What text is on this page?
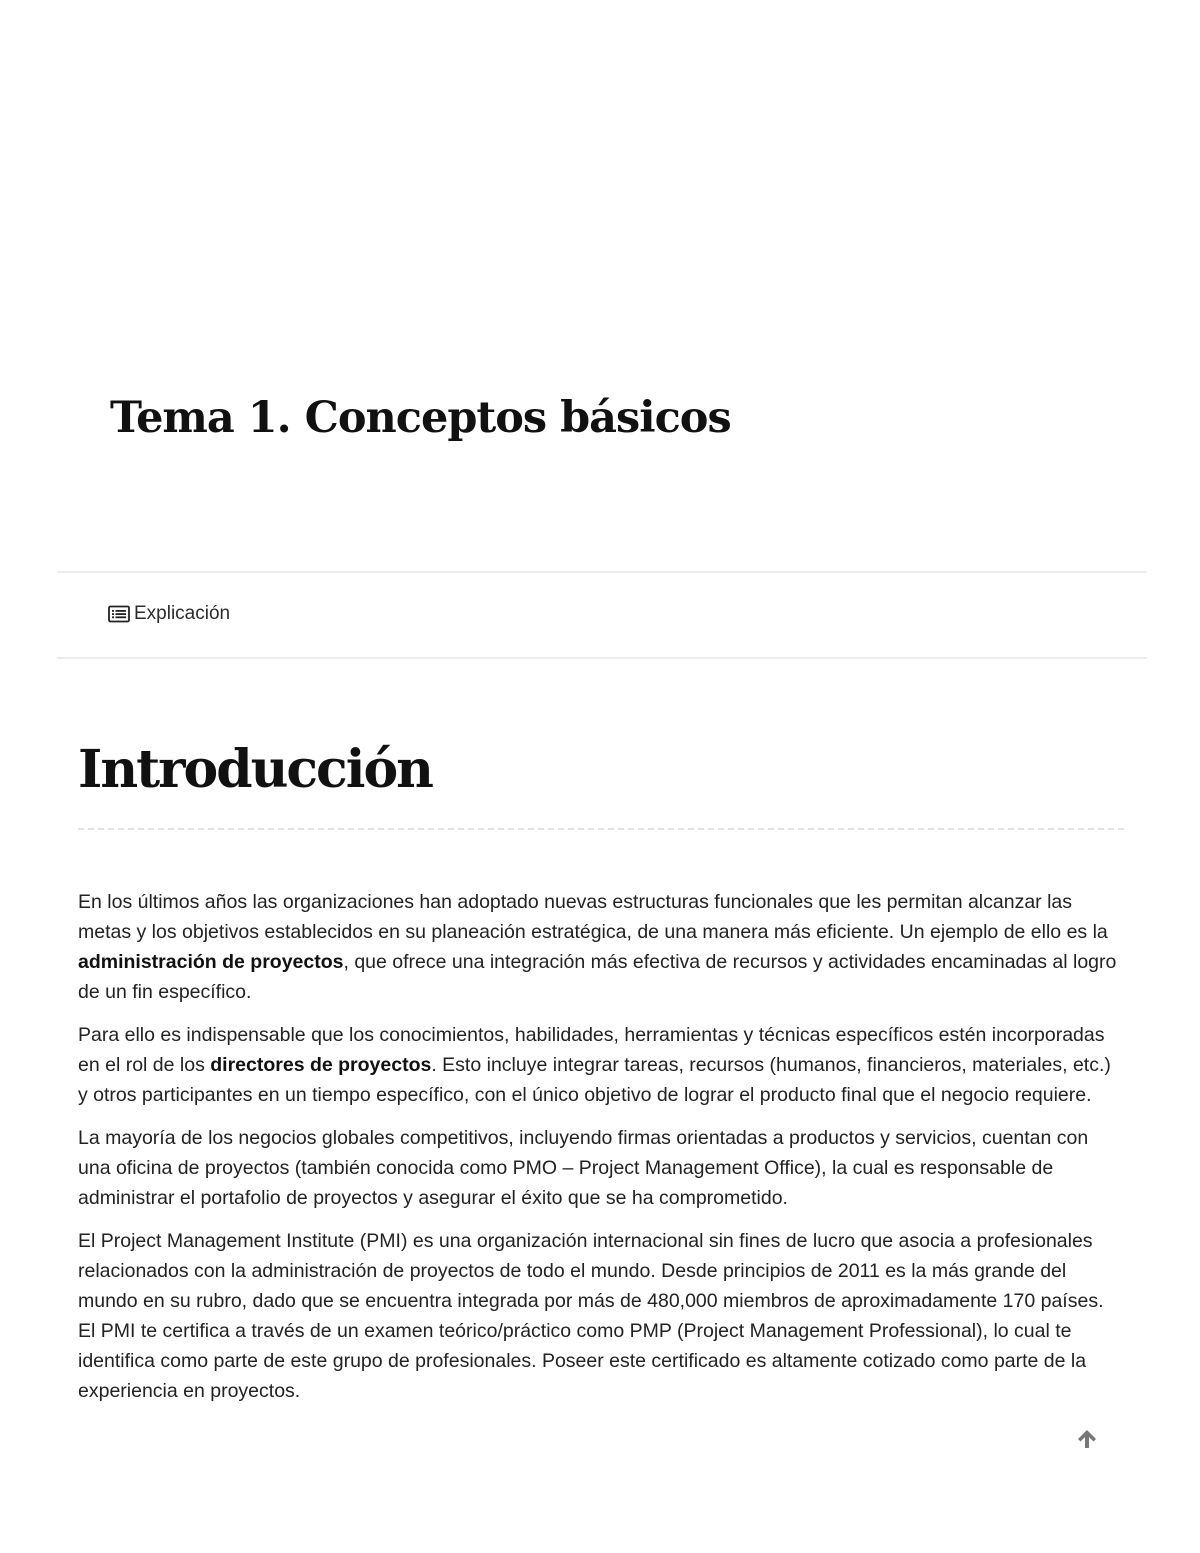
Tema 1. Conceptos básicos
Explicación
Introducción

En los últimos años las organizaciones han adoptado nuevas estructuras funcionales que les permitan alcanzar las metas y los objetivos establecidos en su planeación estratégica, de una manera más eficiente. Un ejemplo de ello es la administración de proyectos, que ofrece una integración más efectiva de recursos y actividades encaminadas al logro de un fin específico.

Para ello es indispensable que los conocimientos, habilidades, herramientas y técnicas específicos estén incorporadas en el rol de los directores de proyectos. Esto incluye integrar tareas, recursos (humanos, financieros, materiales, etc.) y otros participantes en un tiempo específico, con el único objetivo de lograr el producto final que el negocio requiere.

La mayoría de los negocios globales competitivos, incluyendo firmas orientadas a productos y servicios, cuentan con una oficina de proyectos (también conocida como PMO – Project Management Office), la cual es responsable de administrar el portafolio de proyectos y asegurar el éxito que se ha comprometido.

El Project Management Institute (PMI) es una organización internacional sin fines de lucro que asocia a profesionales relacionados con la administración de proyectos de todo el mundo. Desde principios de 2011 es la más grande del mundo en su rubro, dado que se encuentra integrada por más de 480,000 miembros de aproximadamente 170 países. El PMI te certifica a través de un examen teórico/práctico como PMP (Project Management Professional), lo cual te identifica como parte de este grupo de profesionales. Poseer este certificado es altamente cotizado como parte de la experiencia en proyectos.
